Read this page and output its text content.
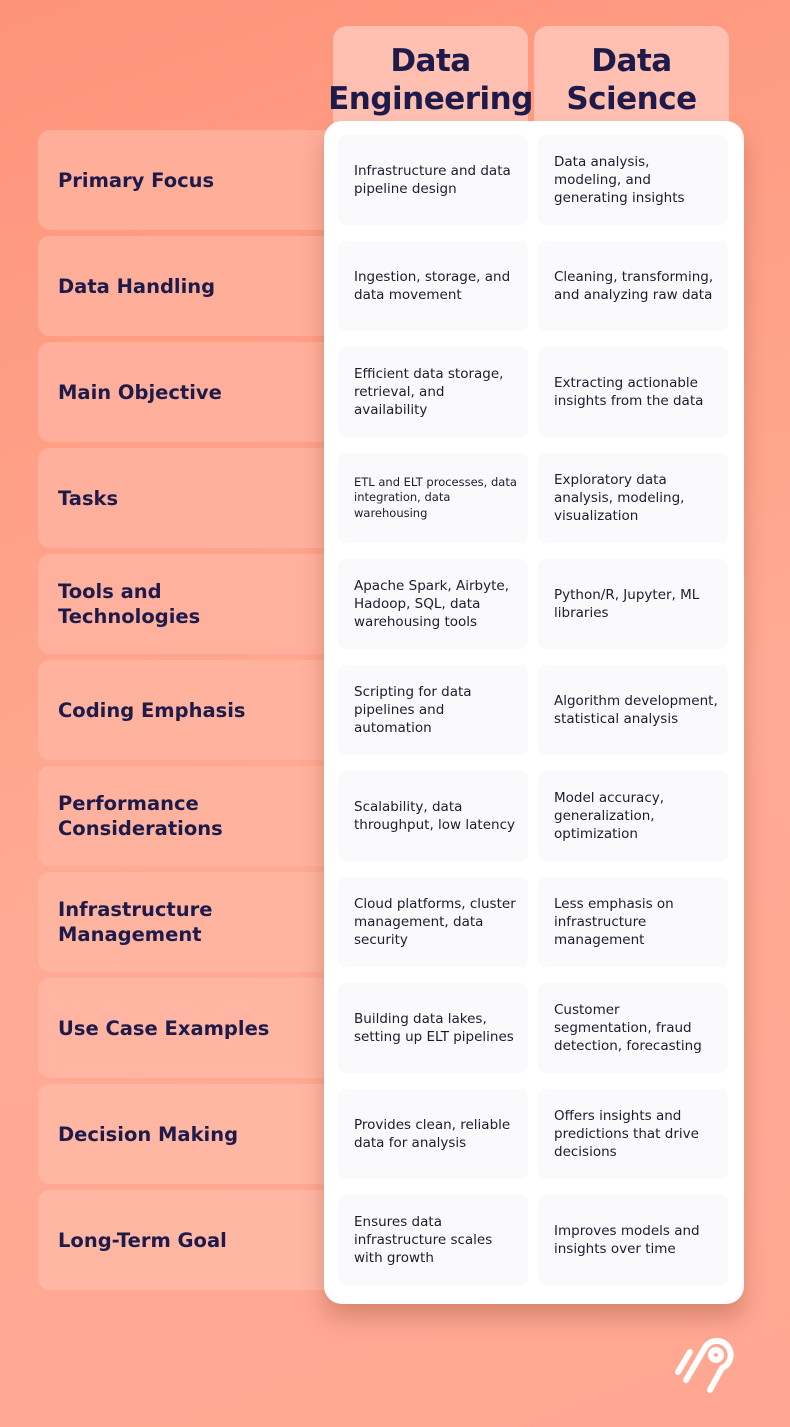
Data
Engineering
Data
Science
Primary Focus
Data Handling
Main Objective
Tasks
Tools and Technologies
Coding Emphasis
Performance Considerations
Infrastructure Management
Use Case Examples
Decision Making
Long-Term Goal
Infrastructure and data pipeline design
Data analysis, modeling, and generating insights
Ingestion, storage, and data movement
Cleaning, transforming, and analyzing raw data
Efficient data storage, retrieval, and availability
Extracting actionable insights from the data
ETL and ELT processes, data integration, data warehousing
Exploratory data analysis, modeling, visualization
Apache Spark, Airbyte, Hadoop, SQL, data warehousing tools
Python/R, Jupyter, ML libraries
Scripting for data pipelines and automation
Algorithm development, statistical analysis
Scalability, data throughput, low latency
Model accuracy, generalization, optimization
Cloud platforms, cluster management, data security
Less emphasis on infrastructure management
Building data lakes, setting up ELT pipelines
Customer segmentation, fraud detection, forecasting
Provides clean, reliable data for analysis
Offers insights and predictions that drive decisions
Ensures data infrastructure scales with growth
Improves models and insights over time
